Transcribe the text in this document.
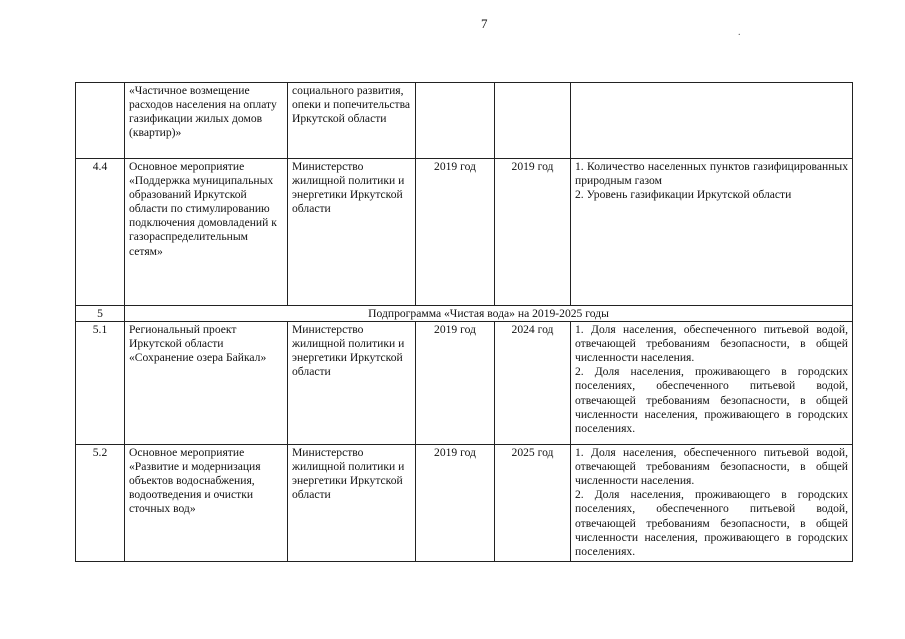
7
.
	«Частичное возмещение расходов населения на оплату газификации жилых домов (квартир)»	социального развития, опеки и попечительства Иркутской области			
4.4	Основное мероприятие «Поддержка муниципальных образований Иркутской области по стимулированию подключения домовладений к газораспределительным сетям»	Министерство жилищной политики и энергетики Иркутской области	2019 год	2019 год	1. Количество населенных пунктов газифицированных природным газом
2. Уровень газификации Иркутской области

5	Подпрограмма «Чистая вода» на 2019-2025 годы				
5.1	Региональный проект Иркутской области «Сохранение озера Байкал»	Министерство жилищной политики и энергетики Иркутской области	2019 год	2024 год	1. Доля населения, обеспеченного питьевой водой, отвечающей требованиям безопасности, в общей численности населения.
2. Доля населения, проживающего в городских поселениях, обеспеченного питьевой водой, отвечающей требованиям безопасности, в общей численности населения, проживающего в городских поселениях.

5.2	Основное мероприятие «Развитие и модернизация объектов водоснабжения, водоотведения и очистки сточных вод»	Министерство жилищной политики и энергетики Иркутской области	2019 год	2025 год	1. Доля населения, обеспеченного питьевой водой, отвечающей требованиям безопасности, в общей численности населения.
2. Доля населения, проживающего в городских поселениях, обеспеченного питьевой водой, отвечающей требованиям безопасности, в общей численности населения, проживающего в городских поселениях.
